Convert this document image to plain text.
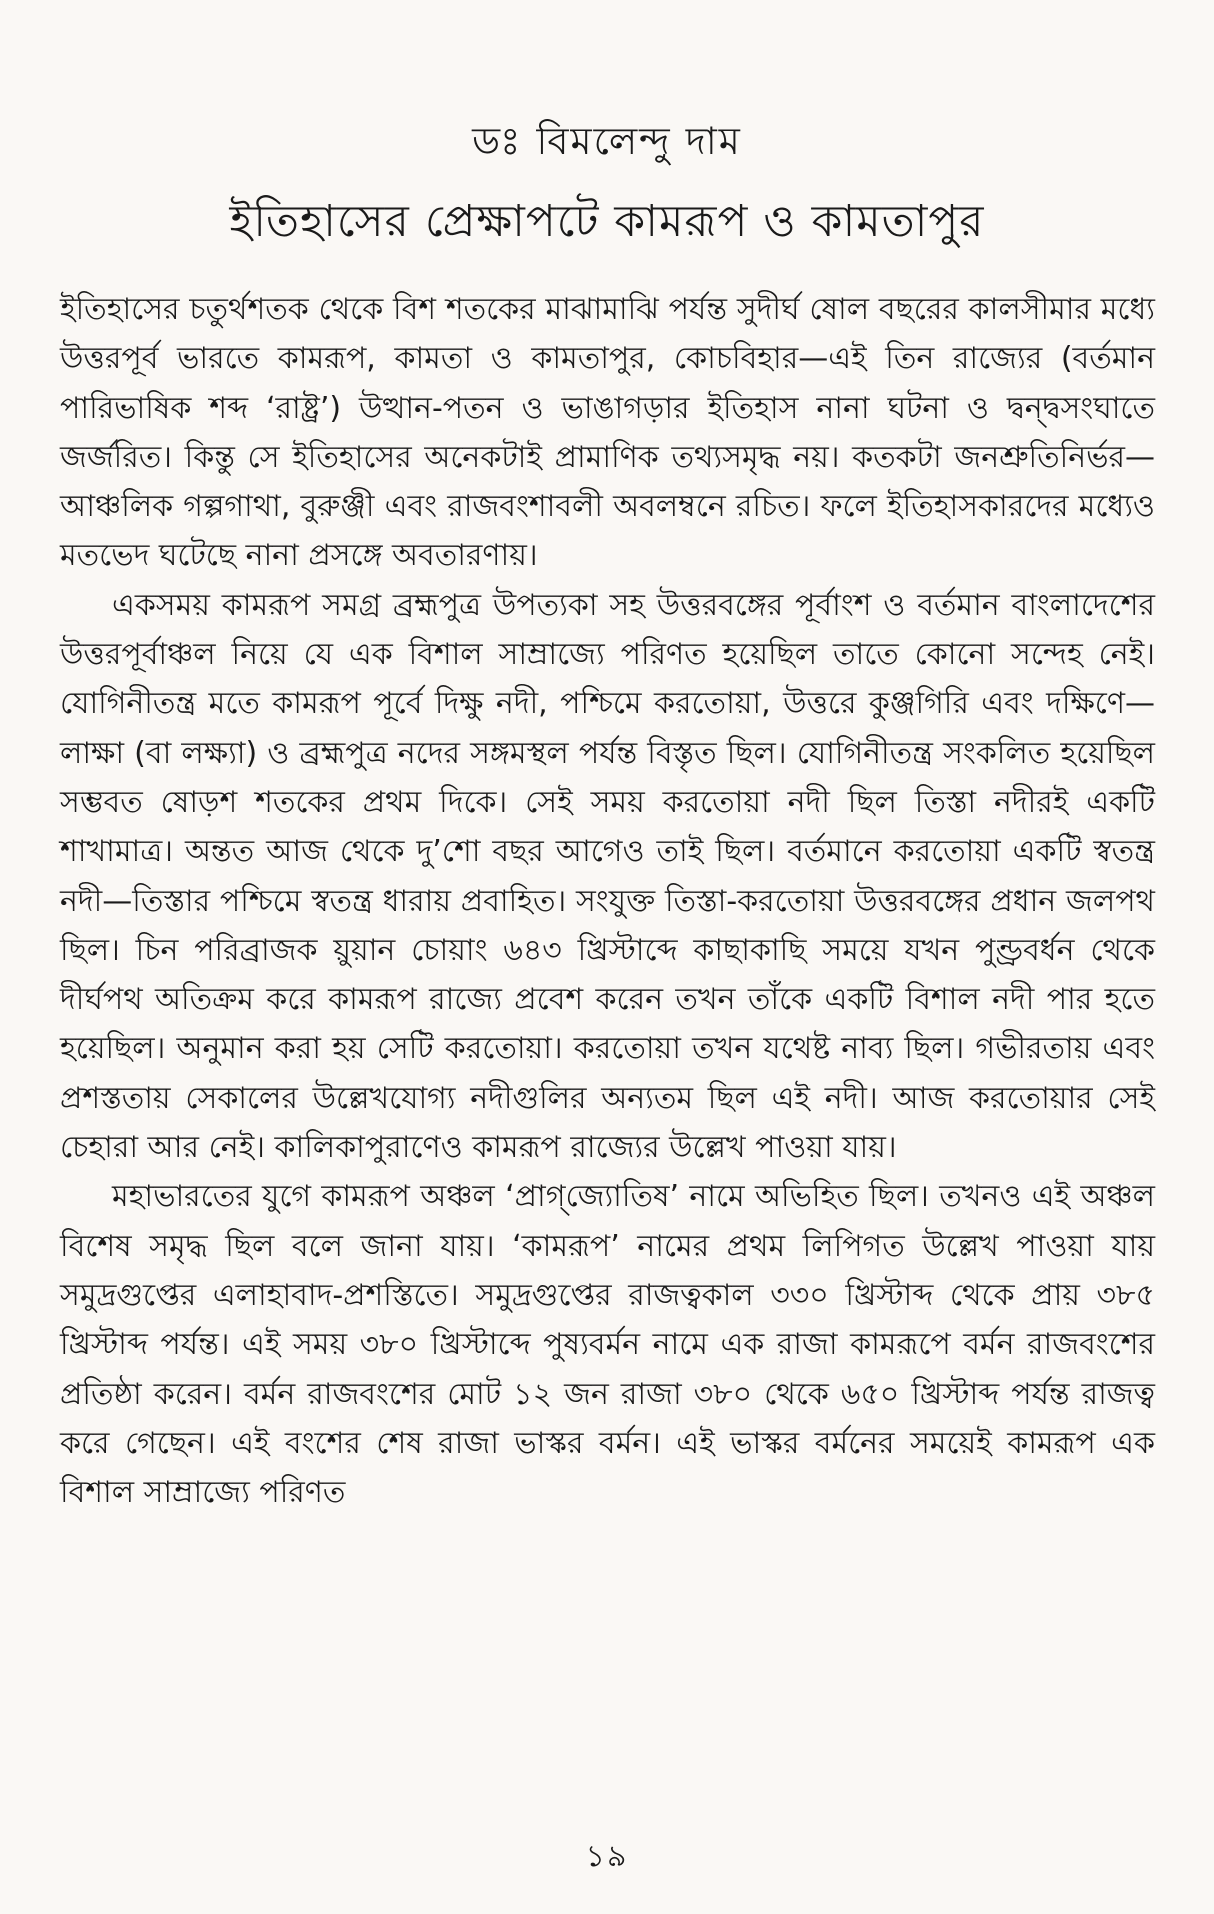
ডঃ বিমলেন্দু দাম
ইতিহাসের প্রেক্ষাপটে কামরূপ ও কামতাপুর

ইতিহাসের চতুর্থশতক থেকে বিশ শতকের মাঝামাঝি পর্যন্ত সুদীর্ঘ ষোল বছরের কালসীমার মধ্যে উত্তরপূর্ব ভারতে কামরূপ, কামতা ও কামতাপুর, কোচবিহার—এই তিন রাজ্যের (বর্তমান পারিভাষিক শব্দ ‘রাষ্ট্র’) উত্থান-পতন ও ভাঙাগড়ার ইতিহাস নানা ঘটনা ও দ্বন্দ্বসংঘাতে জর্জরিত। কিন্তু সে ইতিহাসের অনেকটাই প্রামাণিক তথ্যসমৃদ্ধ নয়। কতকটা জনশ্রুতিনির্ভর—আঞ্চলিক গল্পগাথা, বুরুঞ্জী এবং রাজবংশাবলী অবলম্বনে রচিত। ফলে ইতিহাসকারদের মধ্যেও মতভেদ ঘটেছে নানা প্রসঙ্গে অবতারণায়।

একসময় কামরূপ সমগ্র ব্রহ্মপুত্র উপত্যকা সহ উত্তরবঙ্গের পূর্বাংশ ও বর্তমান বাংলাদেশের উত্তরপূর্বাঞ্চল নিয়ে যে এক বিশাল সাম্রাজ্যে পরিণত হয়েছিল তাতে কোনো সন্দেহ নেই। যোগিনীতন্ত্র মতে কামরূপ পূর্বে দিক্ষু নদী, পশ্চিমে করতোয়া, উত্তরে কুঞ্জগিরি এবং দক্ষিণে—লাক্ষা (বা লক্ষ্যা) ও ব্রহ্মপুত্র নদের সঙ্গমস্থল পর্যন্ত বিস্তৃত ছিল। যোগিনীতন্ত্র সংকলিত হয়েছিল সম্ভবত ষোড়শ শতকের প্রথম দিকে। সেই সময় করতোয়া নদী ছিল তিস্তা নদীরই একটি শাখামাত্র। অন্তত আজ থেকে দু’শো বছর আগেও তাই ছিল। বর্তমানে করতোয়া একটি স্বতন্ত্র নদী—তিস্তার পশ্চিমে স্বতন্ত্র ধারায় প্রবাহিত। সংযুক্ত তিস্তা-করতোয়া উত্তরবঙ্গের প্রধান জলপথ ছিল। চিন পরিব্রাজক য়ুয়ান চোয়াং ৬৪৩ খ্রিস্টাব্দে কাছাকাছি সময়ে যখন পুণ্ড্রবর্ধন থেকে দীর্ঘপথ অতিক্রম করে কামরূপ রাজ্যে প্রবেশ করেন তখন তাঁকে একটি বিশাল নদী পার হতে হয়েছিল। অনুমান করা হয় সেটি করতোয়া। করতোয়া তখন যথেষ্ট নাব্য ছিল। গভীরতায় এবং প্রশস্ততায় সেকালের উল্লেখযোগ্য নদীগুলির অন্যতম ছিল এই নদী। আজ করতোয়ার সেই চেহারা আর নেই। কালিকাপুরাণেও কামরূপ রাজ্যের উল্লেখ পাওয়া যায়।

মহাভারতের যুগে কামরূপ অঞ্চল ‘প্রাগ্‌জ্যোতিষ’ নামে অভিহিত ছিল। তখনও এই অঞ্চল বিশেষ সমৃদ্ধ ছিল বলে জানা যায়। ‘কামরূপ’ নামের প্রথম লিপিগত উল্লেখ পাওয়া যায় সমুদ্রগুপ্তের এলাহাবাদ-প্রশস্তিতে। সমুদ্রগুপ্তের রাজত্বকাল ৩৩০ খ্রিস্টাব্দ থেকে প্রায় ৩৮৫ খ্রিস্টাব্দ পর্যন্ত। এই সময় ৩৮০ খ্রিস্টাব্দে পুষ্যবর্মন নামে এক রাজা কামরূপে বর্মন রাজবংশের প্রতিষ্ঠা করেন। বর্মন রাজবংশের মোট ১২ জন রাজা ৩৮০ থেকে ৬৫০ খ্রিস্টাব্দ পর্যন্ত রাজত্ব করে গেছেন। এই বংশের শেষ রাজা ভাস্কর বর্মন। এই ভাস্কর বর্মনের সময়েই কামরূপ এক বিশাল সাম্রাজ্যে পরিণত

১৯
